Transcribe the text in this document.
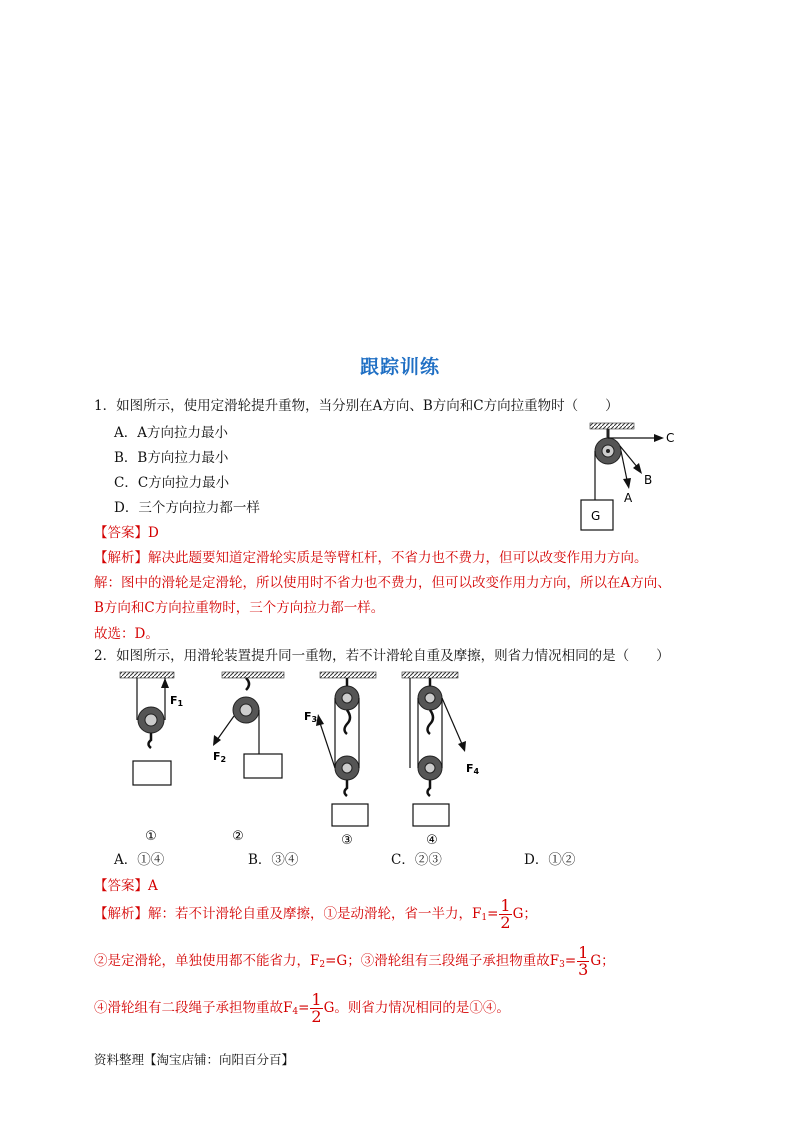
跟踪训练
1．如图所示，使用定滑轮提升重物，当分别在A方向、B方向和C方向拉重物时（　　）
A．A方向拉力最小
B．B方向拉力最小
C．C方向拉力最小
D．三个方向拉力都一样
C
B
A
G
【答案】D
【解析】解决此题要知道定滑轮实质是等臂杠杆，不省力也不费力，但可以改变作用力方向。
解：图中的滑轮是定滑轮，所以使用时不省力也不费力，但可以改变作用力方向，所以在A方向、
B方向和C方向拉重物时，三个方向拉力都一样。
故选：D。
2．如图所示，用滑轮装置提升同一重物，若不计滑轮自重及摩擦，则省力情况相同的是（　　）
F1
①
F2
②
F3
③
F4
④
A．①④	B．③④	C．②③	D．①②
【答案】A
【解析】解：若不计滑轮自重及摩擦，①是动滑轮，省一半力，$F_1= \frac{1}{2}$ G；
②是定滑轮，单独使用都不能省力，$F_2=G$；③滑轮组有三段绳子承担物重故$F_3= \frac{1}{3}$ G；
④滑轮组有二段绳子承担物重故$F_4= \frac{1}{2}$ G。则省力情况相同的是①④。
资料整理【淘宝店铺：向阳百分百】
